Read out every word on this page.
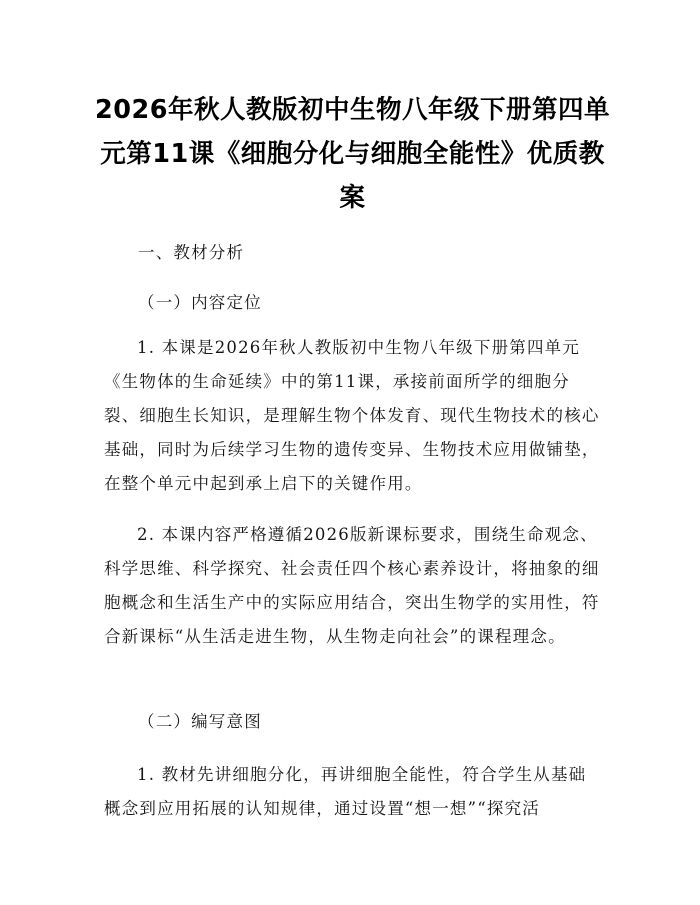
2026年秋人教版初中生物八年级下册第四单元第11课《细胞分化与细胞全能性》优质教案
一、教材分析
（一）内容定位

1. 本课是2026年秋人教版初中生物八年级下册第四单元《生物体的生命延续》中的第11课，承接前面所学的细胞分裂、细胞生长知识，是理解生物个体发育、现代生物技术的核心基础，同时为后续学习生物的遗传变异、生物技术应用做铺垫，在整个单元中起到承上启下的关键作用。

2. 本课内容严格遵循2026版新课标要求，围绕生命观念、科学思维、科学探究、社会责任四个核心素养设计，将抽象的细胞概念和生活生产中的实际应用结合，突出生物学的实用性，符合新课标“从生活走进生物，从生物走向社会”的课程理念。

（二）编写意图

1. 教材先讲细胞分化，再讲细胞全能性，符合学生从基础概念到应用拓展的认知规律，通过设置“想一想”“探究活
